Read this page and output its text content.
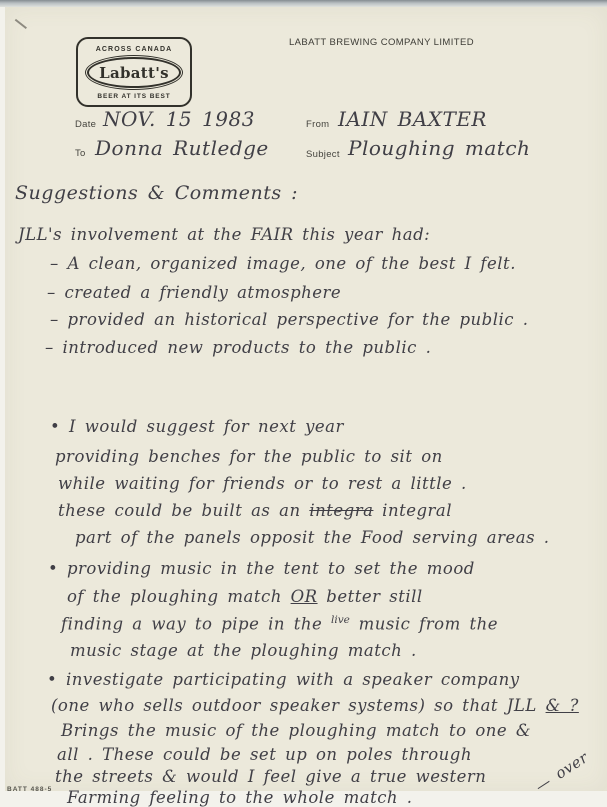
ACROSS CANADA
Labatt's
BEER AT ITS BEST
LABATT BREWING COMPANY LIMITED
Date NOV. 15 1983	From IAIN BAXTER
To Donna Rutledge	Subject Ploughing match
Suggestions & Comments :
JLL's involvement at the FAIR this year had:
– A clean, organized image, one of the best I felt.
– created a friendly atmosphere
– provided an historical perspective for the public .
– introduced new products to the public .
• I would suggest for next year
providing benches for the public to sit on
while waiting for friends or to rest a little .
these could be built as an integra integral
part of the panels opposit the Food serving areas .
• providing music in the tent to set the mood
of the ploughing match OR better still
finding a way to pipe in the $^{live}$ music from the
music stage at the ploughing match .
• investigate participating with a speaker company
(one who sells outdoor speaker systems) so that JLL & ?
Brings the music of the ploughing match to one &
all . These could be set up on poles through
the streets & would I feel give a true western
Farming feeling to the whole match .
— over
BATT 488-5
